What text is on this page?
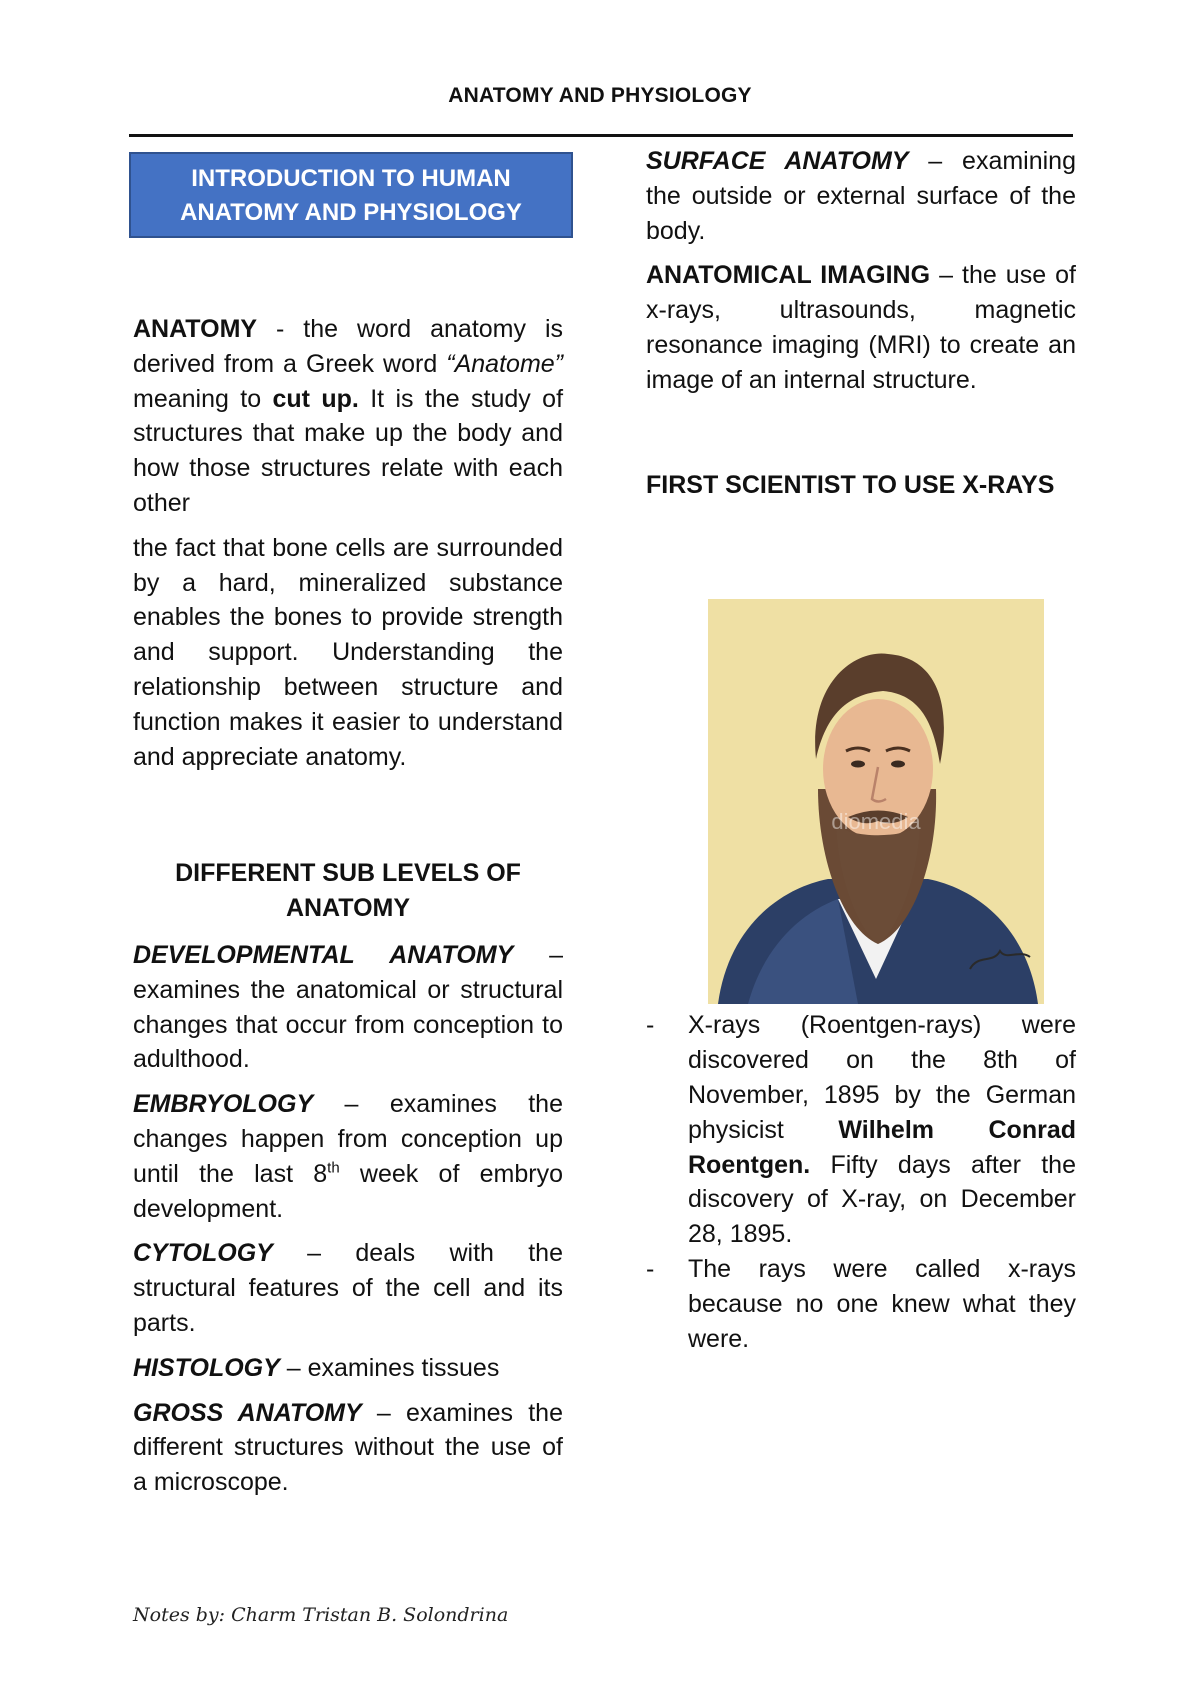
ANATOMY AND PHYSIOLOGY
INTRODUCTION TO HUMAN
ANATOMY AND PHYSIOLOGY

ANATOMY - the word anatomy is derived from a Greek word “Anatome” meaning to cut up. It is the study of structures that make up the body and how those structures relate with each other

the fact that bone cells are surrounded by a hard, mineralized substance enables the bones to provide strength and support. Understanding the relationship between structure and function makes it easier to understand and appreciate anatomy.

DIFFERENT SUB LEVELS OF
ANATOMY

DEVELOPMENTAL ANATOMY – examines the anatomical or structural changes that occur from conception to adulthood.

EMBRYOLOGY – examines the changes happen from conception up until the last 8th week of embryo development.

CYTOLOGY – deals with the structural features of the cell and its parts.

HISTOLOGY – examines tissues

GROSS ANATOMY – examines the different structures without the use of a microscope.

SURFACE ANATOMY – examining the outside or external surface of the body.

ANATOMICAL IMAGING – the use of x-rays, ultrasounds, magnetic resonance imaging (MRI) to create an image of an internal structure.

FIRST SCIENTIST TO USE X-RAYS
- X-rays (Roentgen-rays) were discovered on the 8th of November, 1895 by the German physicist Wilhelm Conrad Roentgen. Fifty days after the discovery of X-ray, on December 28, 1895.
- The rays were called x-rays because no one knew what they were.
diomedia
Notes by: Charm Tristan B. Solondrina
